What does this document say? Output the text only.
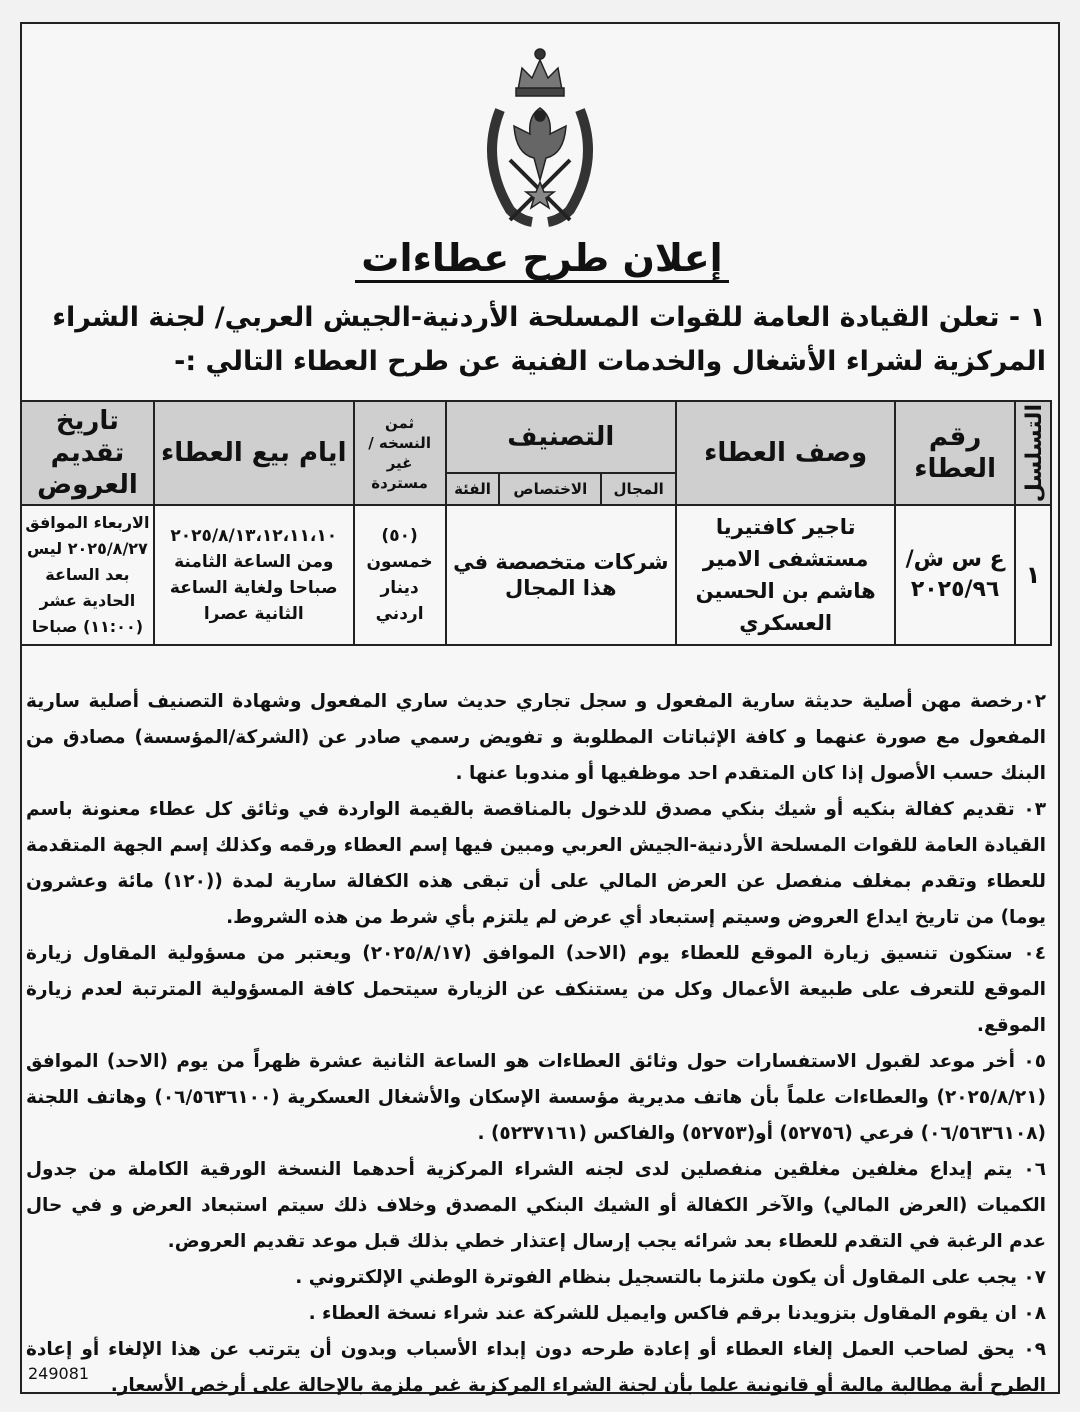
إعلان طرح عطاءات
١ - تعلن القيادة العامة للقوات المسلحة الأردنية-الجيش العربي/ لجنة الشراء المركزية لشراء الأشغال والخدمات الفنية عن طرح العطاء التالي :-
التسلسل	رقم العطاء	وصف العطاء	التصنيف			ثمن النسخه /غير مستردة	ايام بيع العطاء	تاريخ تقديم العروض
			المجال	الاختصاص	الفئة			
١	ع س ش/ ٢٠٢٥/٩٦	تاجير كافتيريا مستشفى الامير هاشم بن الحسين العسكري	شركات متخصصة في هذا المجال			(٥٠) خمسون دينار اردني	٢٠٢٥/٨/١٣،١٢،١١،١٠ ومن الساعة الثامنة صباحا ولغاية الساعة الثانية عصرا	الاربعاء الموافق ٢٠٢٥/٨/٢٧ ليس بعد الساعة الحادية عشر (١١:٠٠) صباحا

٠٢رخصة مهن أصلية حديثة سارية المفعول و سجل تجاري حديث ساري المفعول وشهادة التصنيف أصلية سارية المفعول مع صورة عنهما و كافة الإثباتات المطلوبة و تفويض رسمي صادر عن (الشركة/المؤسسة) مصادق من البنك حسب الأصول إذا كان المتقدم احد موظفيها أو مندوبا عنها .

٠٣ تقديم كفالة بنكيه أو شيك بنكي مصدق للدخول بالمناقصة بالقيمة الواردة في وثائق كل عطاء معنونة باسم القيادة العامة للقوات المسلحة الأردنية-الجيش العربي ومبين فيها إسم العطاء ورقمه وكذلك إسم الجهة المتقدمة للعطاء وتقدم بمغلف منفصل عن العرض المالي على أن تبقى هذه الكفالة سارية لمدة ((١٢٠) مائة وعشرون يوما) من تاريخ ايداع العروض وسيتم إستبعاد أي عرض لم يلتزم بأي شرط من هذه الشروط.

٠٤ ستكون تنسيق زيارة الموقع للعطاء يوم (الاحد) الموافق (٢٠٢٥/٨/١٧) ويعتبر من مسؤولية المقاول زيارة الموقع للتعرف على طبيعة الأعمال وكل من يستنكف عن الزيارة سيتحمل كافة المسؤولية المترتبة لعدم زيارة الموقع.

٠٥ أخر موعد لقبول الاستفسارات حول وثائق العطاءات هو الساعة الثانية عشرة ظهراً من يوم (الاحد) الموافق (٢٠٢٥/٨/٢١) والعطاءات علماً بأن هاتف مديرية مؤسسة الإسكان والأشغال العسكرية (٠٦/٥٦٣٦١٠٠) وهاتف اللجنة (٠٦/٥٦٣٦١٠٨) فرعي (٥٢٧٥٦) أو(٥٢٧٥٣) والفاكس (٥٢٣٧١٦١) .

٠٦ يتم إيداع مغلفين مغلقين منفصلين لدى لجنه الشراء المركزية أحدهما النسخة الورقية الكاملة من جدول الكميات (العرض المالي) والآخر الكفالة أو الشيك البنكي المصدق وخلاف ذلك سيتم استبعاد العرض و في حال عدم الرغبة في التقدم للعطاء بعد شرائه يجب إرسال إعتذار خطي بذلك قبل موعد تقديم العروض.

٠٧ يجب على المقاول أن يكون ملتزما بالتسجيل بنظام الفوترة الوطني الإلكتروني .

٠٨ ان يقوم المقاول بتزويدنا برقم فاكس وايميل للشركة عند شراء نسخة العطاء .

٠٩ يحق لصاحب العمل إلغاء العطاء أو إعادة طرحه دون إبداء الأسباب وبدون أن يترتب عن هذا الإلغاء أو إعادة الطرح أية مطالبة مالية أو قانونية علما بأن لجنة الشراء المركزية غير ملزمة بالإحالة على أرخص الأسعار.

249081
